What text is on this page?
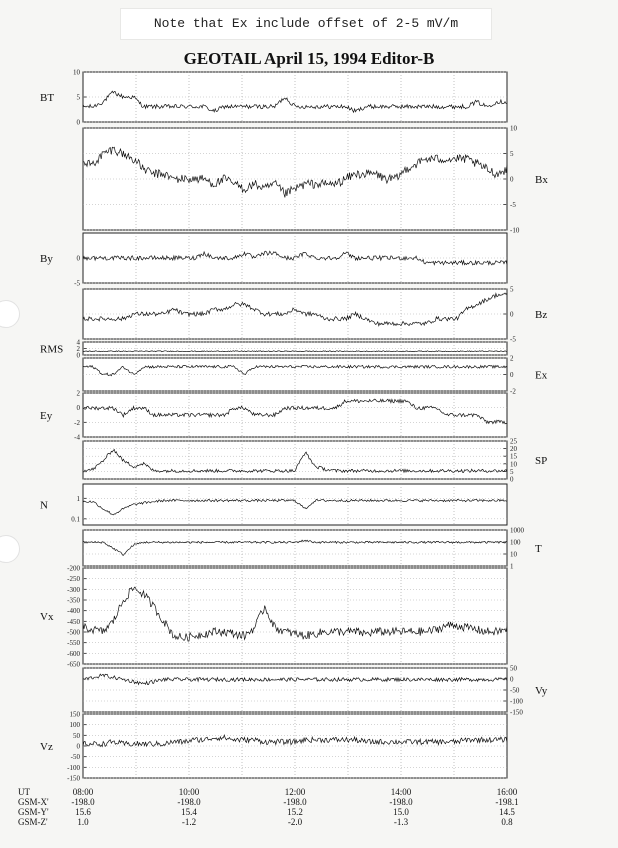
Note that Ex include offset of 2-5 mV/m
GEOTAIL April 15, 1994 Editor-B
10
5
0
BT
10
5
0
-5
-10
Bx
0
-5
By
5
0
-5
Bz
4
2
0
RMS
2
0
-2
Ex
2
0
-2
-4
Ey
25
20
15
10
5
0
SP
1
0.1
N
1000
100
10
1
T
-200
-250
-300
-350
-400
-450
-500
-550
-600
-650
Vx
50
0
-50
-100
-150
Vy
150
100
50
0
-50
-100
-150
Vz
UT	08:00	10:00	12:00	14:00	16:00
GSM-X'	-198.0	-198.0	-198.0	-198.0	-198.1
GSM-Y'	15.6	15.4	15.2	15.0	14.5
GSM-Z'	1.0	-1.2	-2.0	-1.3	0.8
